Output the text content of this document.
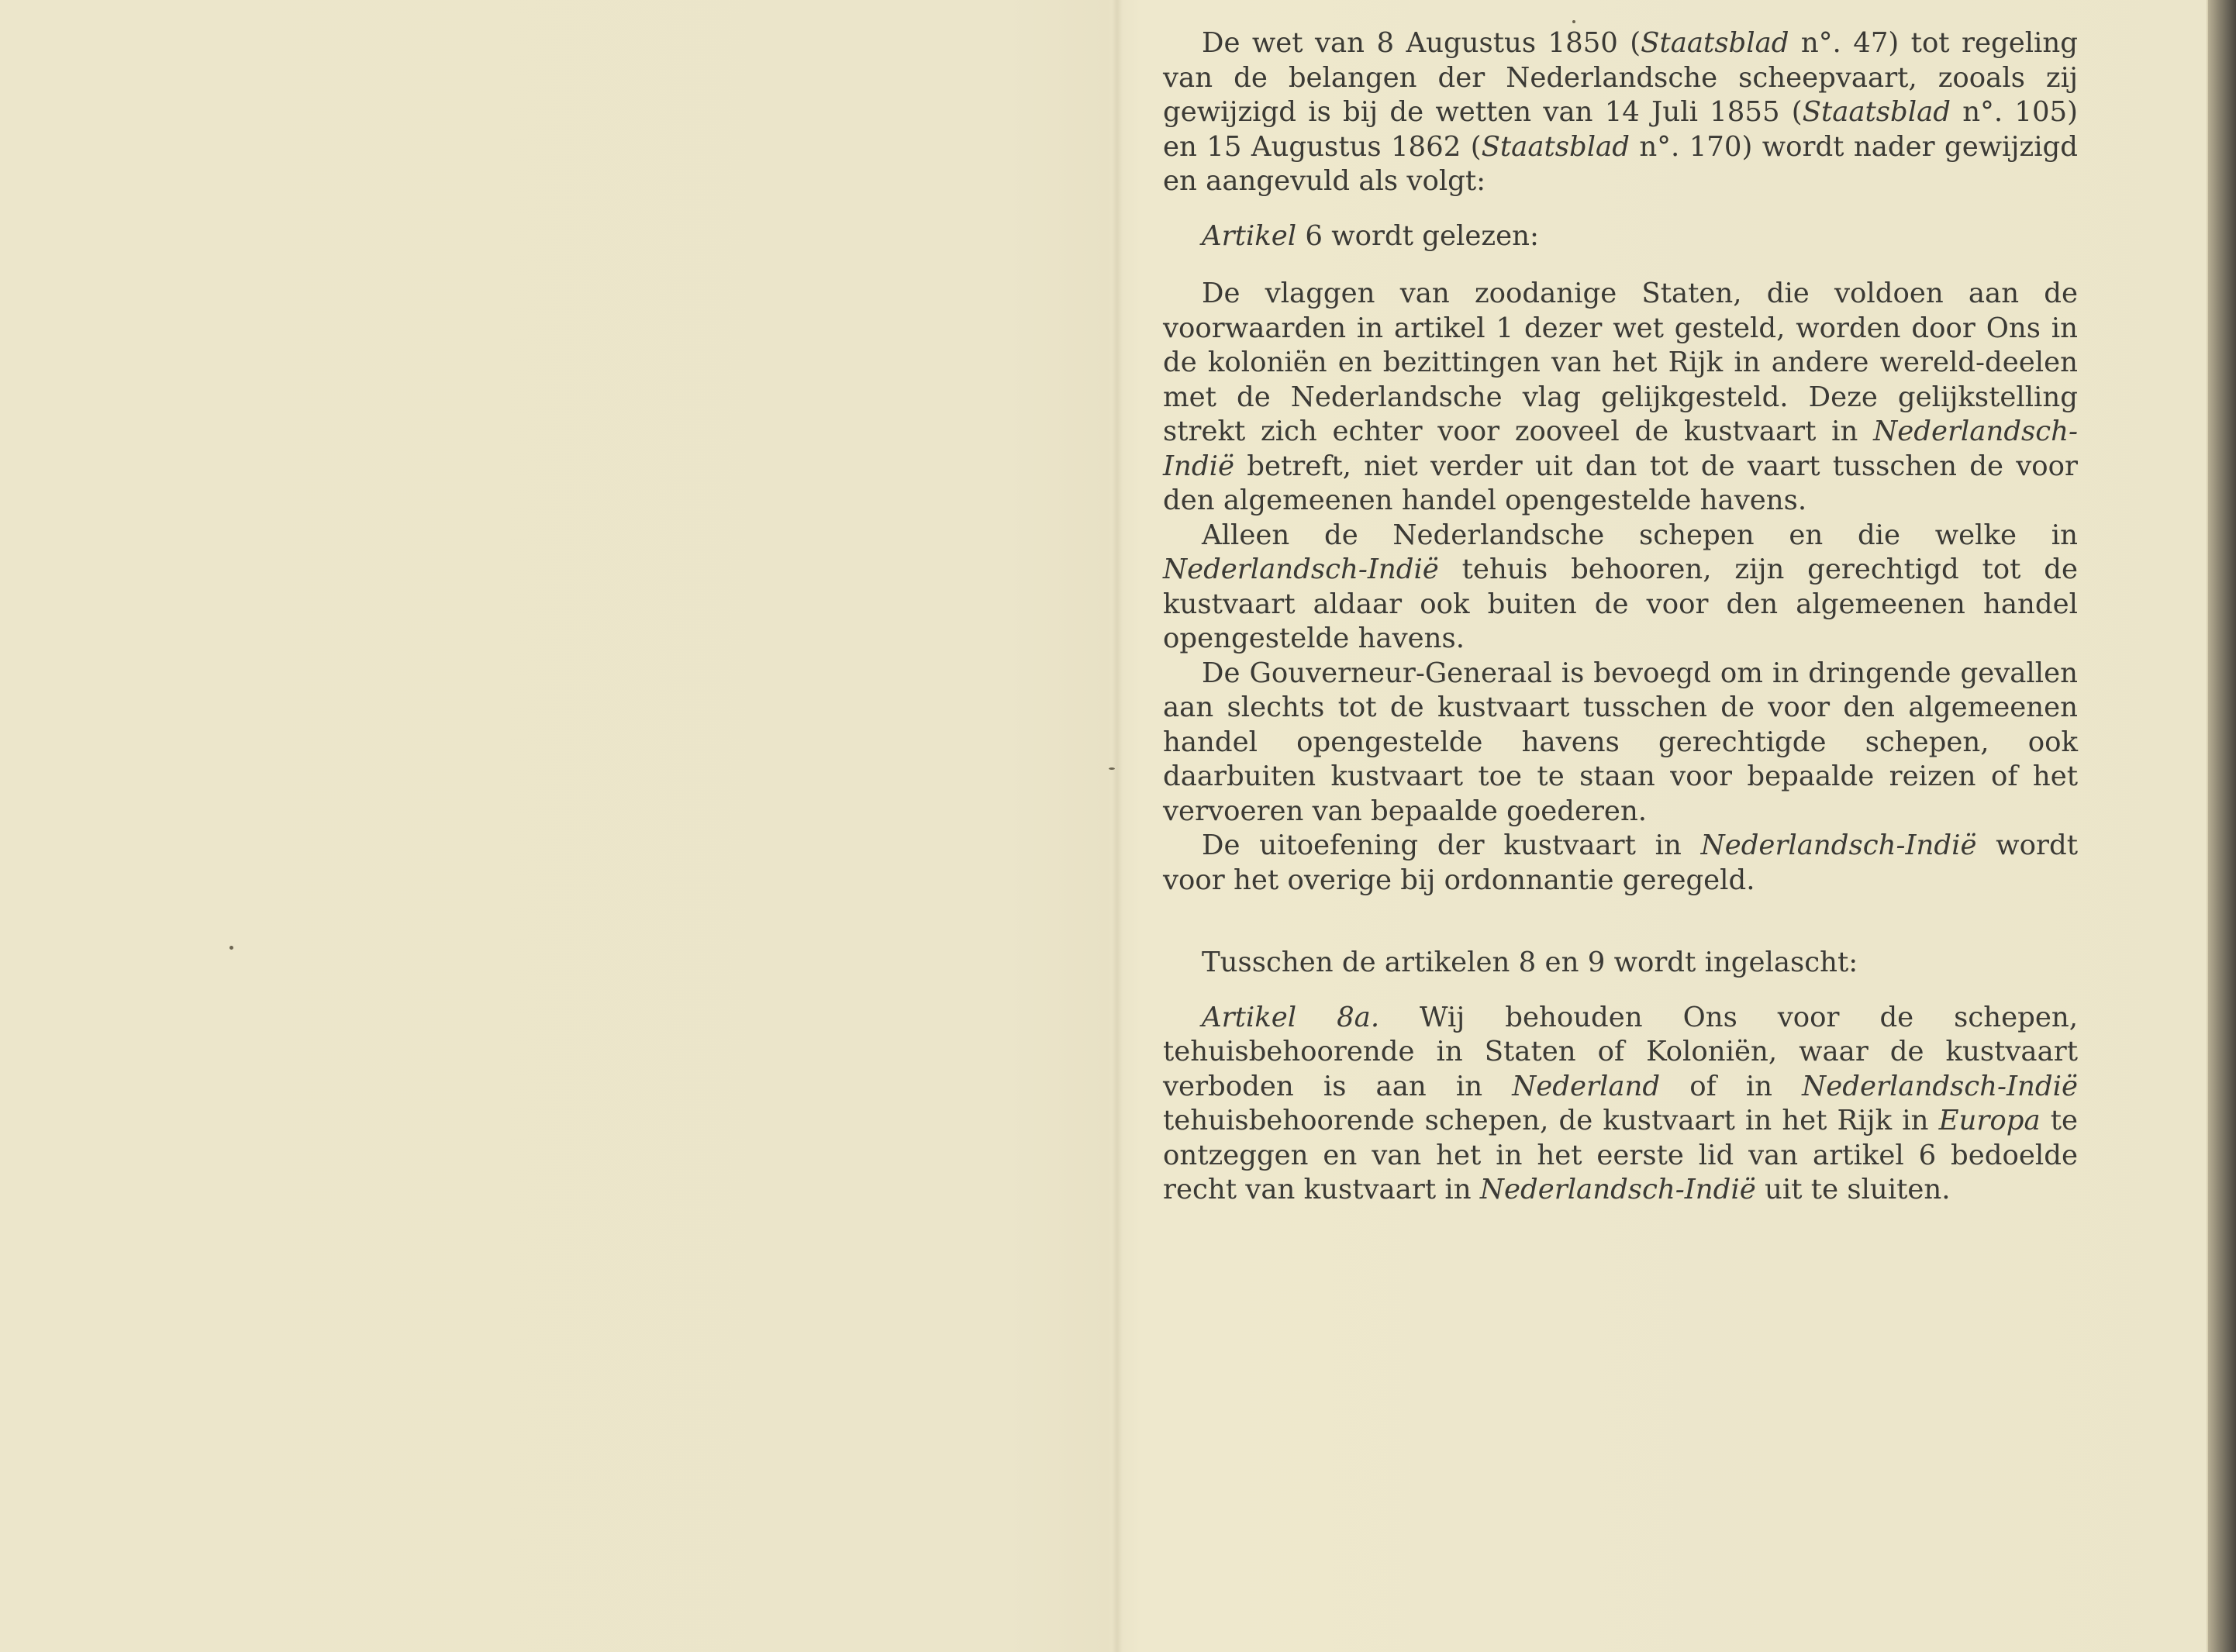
De wet van 8 Augustus 1850 (Staatsblad n°. 47) tot regeling van de belangen der Nederlandsche scheepvaart, zooals zij gewijzigd is bij de wetten van 14 Juli 1855 (Staatsblad n°. 105) en 15 Augustus 1862 (Staatsblad n°. 170) wordt nader gewijzigd en aangevuld als volgt:

Artikel 6 wordt gelezen:

De vlaggen van zoodanige Staten, die voldoen aan de voorwaarden in artikel 1 dezer wet gesteld, worden door Ons in de koloniën en bezittingen van het Rijk in andere wereld-deelen met de Nederlandsche vlag gelijkgesteld. Deze gelijkstelling strekt zich echter voor zooveel de kustvaart in Nederlandsch-Indië betreft, niet verder uit dan tot de vaart tusschen de voor den algemeenen handel opengestelde havens.

Alleen de Nederlandsche schepen en die welke in Nederlandsch-Indië tehuis behooren, zijn gerechtigd tot de kustvaart aldaar ook buiten de voor den algemeenen handel opengestelde havens.

De Gouverneur-Generaal is bevoegd om in dringende gevallen aan slechts tot de kustvaart tusschen de voor den algemeenen handel opengestelde havens gerechtigde schepen, ook daarbuiten kustvaart toe te staan voor bepaalde reizen of het vervoeren van bepaalde goederen.

De uitoefening der kustvaart in Nederlandsch-Indië wordt voor het overige bij ordonnantie geregeld.

Tusschen de artikelen 8 en 9 wordt ingelascht:

Artikel 8a. Wij behouden Ons voor de schepen, tehuisbehoorende in Staten of Koloniën, waar de kustvaart verboden is aan in Nederland of in Nederlandsch-Indië tehuisbehoorende schepen, de kustvaart in het Rijk in Europa te ontzeggen en van het in het eerste lid van artikel 6 bedoelde recht van kustvaart in Nederlandsch-Indië uit te sluiten.
